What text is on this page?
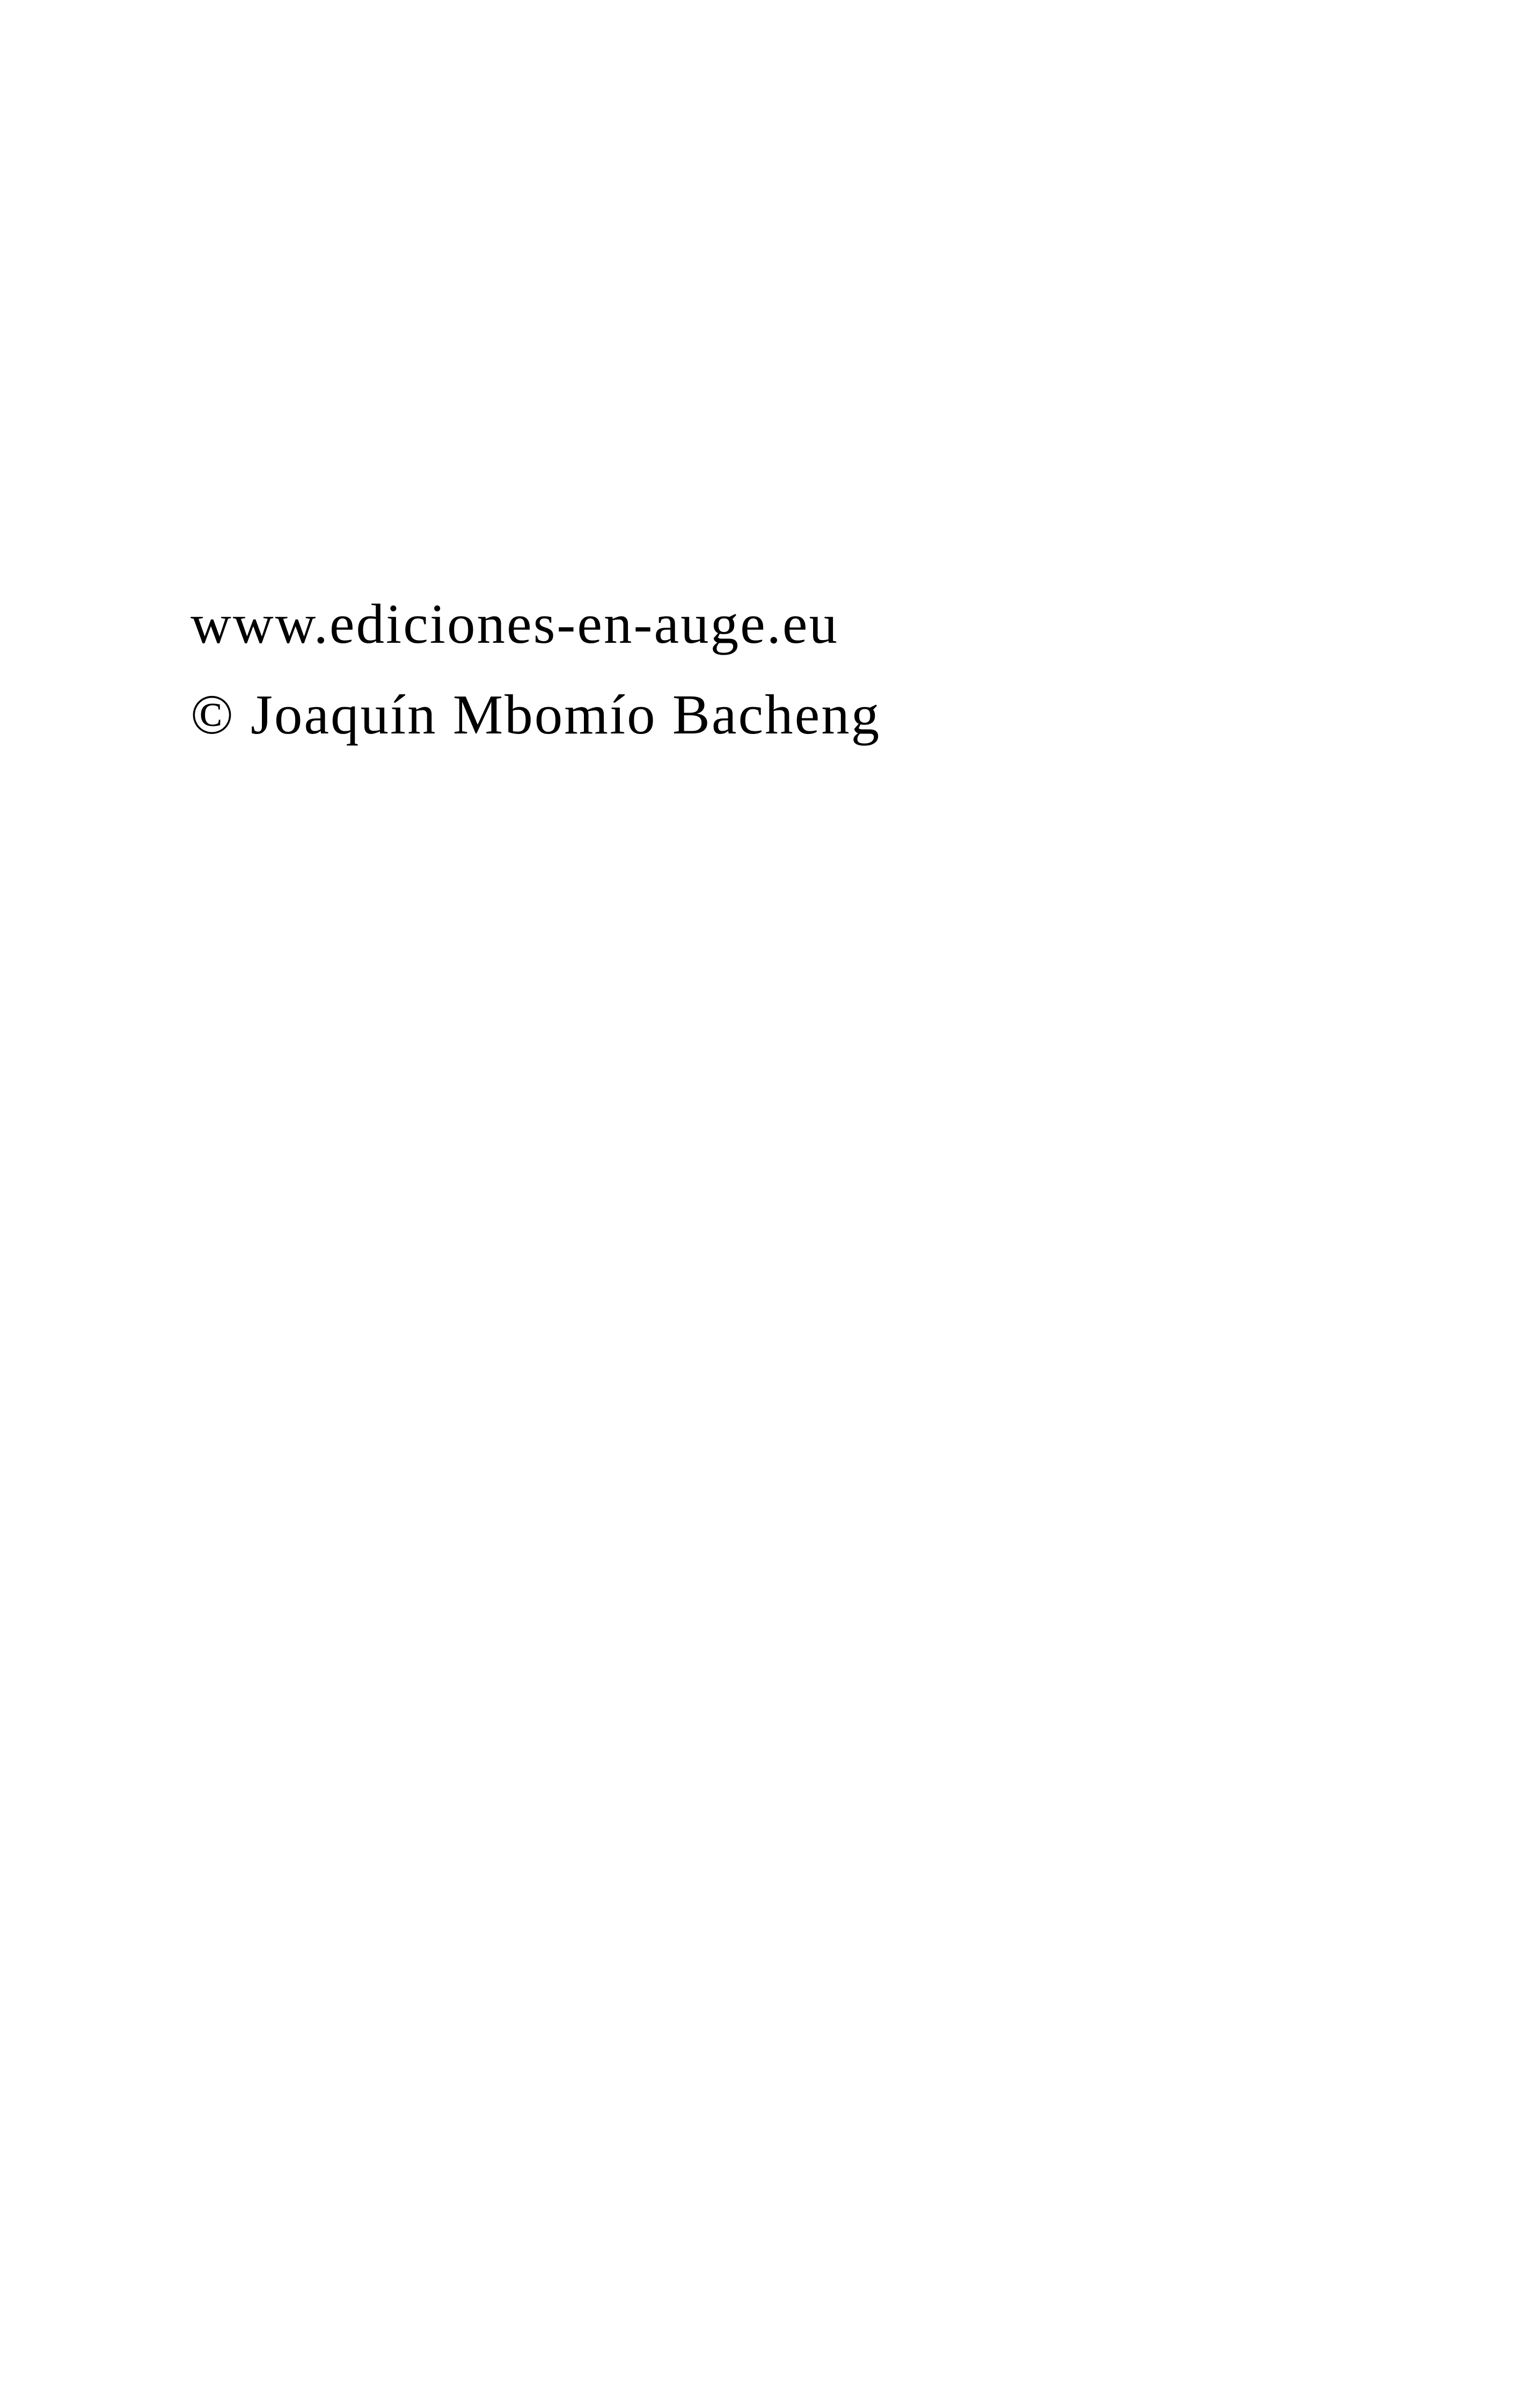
www.ediciones-en-auge.eu

© Joaquín Mbomío Bacheng
